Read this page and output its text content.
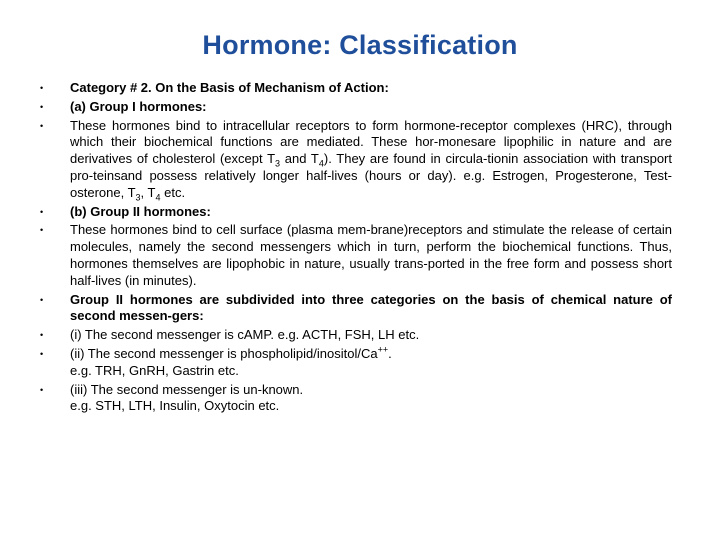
Hormone: Classification
• Category # 2. On the Basis of Mechanism of Action:
• (a) Group I hormones:
• These hormones bind to intracellular receptors to form hormone-receptor complexes (HRC), through which their biochemical functions are mediated. These hor-monesare lipophilic in nature and are derivatives of cholesterol (except $T_3$ and $T_4$). They are found in circula-tionin association with transport pro-teinsand possess relatively longer half-lives (hours or day). e.g. Estrogen, Progesterone, Test-osterone, $T_3$, $T_4$ etc.
• (b) Group II hormones:
• These hormones bind to cell surface (plasma mem-brane)receptors and stimulate the release of certain molecules, namely the second messengers which in turn, perform the biochemical functions. Thus, hormones themselves are lipophobic in nature, usually trans-ported in the free form and possess short half-lives (in minutes).
• Group II hormones are subdivided into three categories on the basis of chemical nature of second messen-gers:
• (i) The second messenger is cAMP. e.g. ACTH, FSH, LH etc.
• (ii) The second messenger is phospholipid/inositol/Ca++.
e.g. TRH, GnRH, Gastrin etc.
• (iii) The second messenger is un-known.
e.g. STH, LTH, Insulin, Oxytocin etc.
